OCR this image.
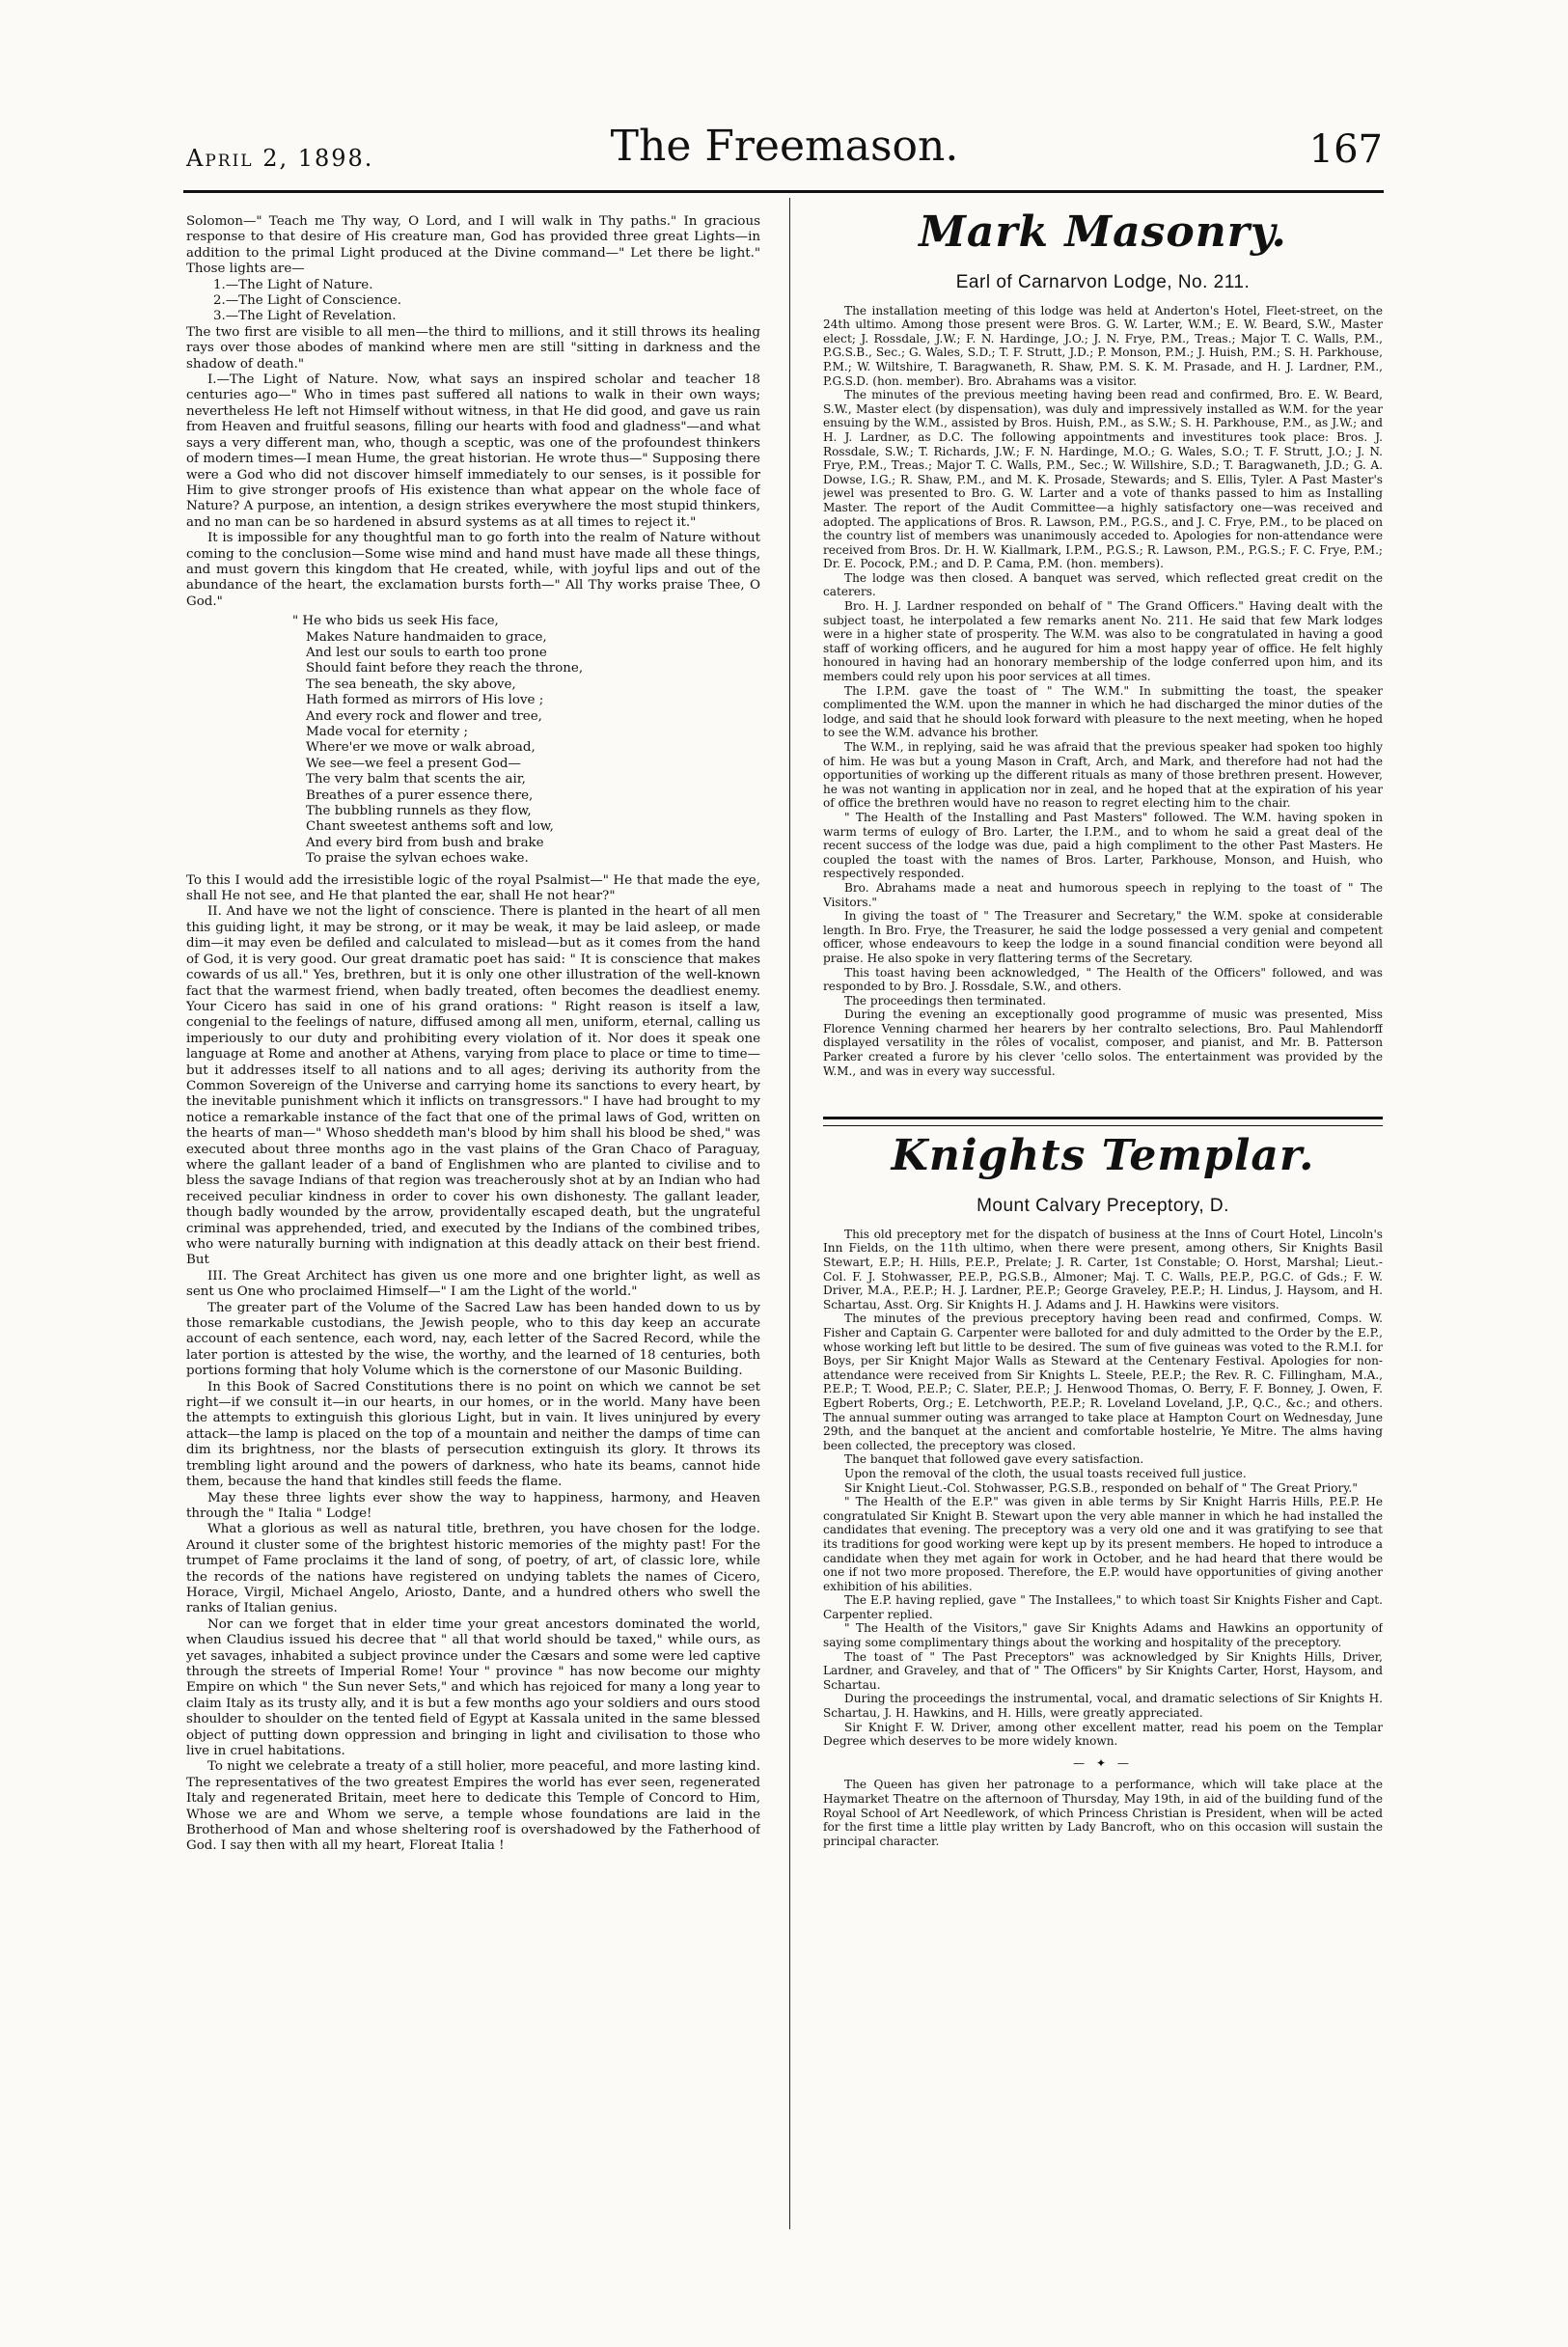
April 2, 1898.	The Freemason.	167

Solomon—" Teach me Thy way, O Lord, and I will walk in Thy paths." In gracious response to that desire of His creature man, God has provided three great Lights—in addition to the primal Light produced at the Divine command—" Let there be light." Those lights are—

1.—The Light of Nature.
2.—The Light of Conscience.
3.—The Light of Revelation.

The two first are visible to all men—the third to millions, and it still throws its healing rays over those abodes of mankind where men are still "sitting in darkness and the shadow of death."

I.—The Light of Nature. Now, what says an inspired scholar and teacher 18 centuries ago—" Who in times past suffered all nations to walk in their own ways; nevertheless He left not Himself without witness, in that He did good, and gave us rain from Heaven and fruitful seasons, filling our hearts with food and gladness"—and what says a very different man, who, though a sceptic, was one of the profoundest thinkers of modern times—I mean Hume, the great historian. He wrote thus—" Supposing there were a God who did not discover himself immediately to our senses, is it possible for Him to give stronger proofs of His existence than what appear on the whole face of Nature? A purpose, an intention, a design strikes everywhere the most stupid thinkers, and no man can be so hardened in absurd systems as at all times to reject it."

It is impossible for any thoughtful man to go forth into the realm of Nature without coming to the conclusion—Some wise mind and hand must have made all these things, and must govern this kingdom that He created, while, with joyful lips and out of the abundance of the heart, the exclamation bursts forth—" All Thy works praise Thee, O God."

" He who bids us seek His face,
Makes Nature handmaiden to grace,
And lest our souls to earth too prone
Should faint before they reach the throne,
The sea beneath, the sky above,
Hath formed as mirrors of His love ;
And every rock and flower and tree,
Made vocal for eternity ;
Where'er we move or walk abroad,
We see—we feel a present God—
The very balm that scents the air,
Breathes of a purer essence there,
The bubbling runnels as they flow,
Chant sweetest anthems soft and low,
And every bird from bush and brake
To praise the sylvan echoes wake.

To this I would add the irresistible logic of the royal Psalmist—" He that made the eye, shall He not see, and He that planted the ear, shall He not hear?"

II. And have we not the light of conscience. There is planted in the heart of all men this guiding light, it may be strong, or it may be weak, it may be laid asleep, or made dim—it may even be defiled and calculated to mislead—but as it comes from the hand of God, it is very good. Our great dramatic poet has said: " It is conscience that makes cowards of us all." Yes, brethren, but it is only one other illustration of the well-known fact that the warmest friend, when badly treated, often becomes the deadliest enemy. Your Cicero has said in one of his grand orations: " Right reason is itself a law, congenial to the feelings of nature, diffused among all men, uniform, eternal, calling us imperiously to our duty and prohibiting every violation of it. Nor does it speak one language at Rome and another at Athens, varying from place to place or time to time—but it addresses itself to all nations and to all ages; deriving its authority from the Common Sovereign of the Universe and carrying home its sanctions to every heart, by the inevitable punishment which it inflicts on transgressors." I have had brought to my notice a remarkable instance of the fact that one of the primal laws of God, written on the hearts of man—" Whoso sheddeth man's blood by him shall his blood be shed," was executed about three months ago in the vast plains of the Gran Chaco of Paraguay, where the gallant leader of a band of Englishmen who are planted to civilise and to bless the savage Indians of that region was treacherously shot at by an Indian who had received peculiar kindness in order to cover his own dishonesty. The gallant leader, though badly wounded by the arrow, providentally escaped death, but the ungrateful criminal was apprehended, tried, and executed by the Indians of the combined tribes, who were naturally burning with indignation at this deadly attack on their best friend. But

III. The Great Architect has given us one more and one brighter light, as well as sent us One who proclaimed Himself—" I am the Light of the world."

The greater part of the Volume of the Sacred Law has been handed down to us by those remarkable custodians, the Jewish people, who to this day keep an accurate account of each sentence, each word, nay, each letter of the Sacred Record, while the later portion is attested by the wise, the worthy, and the learned of 18 centuries, both portions forming that holy Volume which is the cornerstone of our Masonic Building.

In this Book of Sacred Constitutions there is no point on which we cannot be set right—if we consult it—in our hearts, in our homes, or in the world. Many have been the attempts to extinguish this glorious Light, but in vain. It lives uninjured by every attack—the lamp is placed on the top of a mountain and neither the damps of time can dim its brightness, nor the blasts of persecution extinguish its glory. It throws its trembling light around and the powers of darkness, who hate its beams, cannot hide them, because the hand that kindles still feeds the flame.

May these three lights ever show the way to happiness, harmony, and Heaven through the " Italia " Lodge!

What a glorious as well as natural title, brethren, you have chosen for the lodge. Around it cluster some of the brightest historic memories of the mighty past! For the trumpet of Fame proclaims it the land of song, of poetry, of art, of classic lore, while the records of the nations have registered on undying tablets the names of Cicero, Horace, Virgil, Michael Angelo, Ariosto, Dante, and a hundred others who swell the ranks of Italian genius.

Nor can we forget that in elder time your great ancestors dominated the world, when Claudius issued his decree that " all that world should be taxed," while ours, as yet savages, inhabited a subject province under the Cæsars and some were led captive through the streets of Imperial Rome! Your " province " has now become our mighty Empire on which " the Sun never Sets," and which has rejoiced for many a long year to claim Italy as its trusty ally, and it is but a few months ago your soldiers and ours stood shoulder to shoulder on the tented field of Egypt at Kassala united in the same blessed object of putting down oppression and bringing in light and civilisation to those who live in cruel habitations.

To night we celebrate a treaty of a still holier, more peaceful, and more lasting kind. The representatives of the two greatest Empires the world has ever seen, regenerated Italy and regenerated Britain, meet here to dedicate this Temple of Concord to Him, Whose we are and Whom we serve, a temple whose foundations are laid in the Brotherhood of Man and whose sheltering roof is overshadowed by the Fatherhood of God. I say then with all my heart, Floreat Italia !

Mark Masonry.
Earl of Carnarvon Lodge, No. 211.

The installation meeting of this lodge was held at Anderton's Hotel, Fleet-street, on the 24th ultimo. Among those present were Bros. G. W. Larter, W.M.; E. W. Beard, S.W., Master elect; J. Rossdale, J.W.; F. N. Hardinge, J.O.; J. N. Frye, P.M., Treas.; Major T. C. Walls, P.M., P.G.S.B., Sec.; G. Wales, S.D.; T. F. Strutt, J.D.; P. Monson, P.M.; J. Huish, P.M.; S. H. Parkhouse, P.M.; W. Wiltshire, T. Baragwaneth, R. Shaw, P.M. S. K. M. Prasade, and H. J. Lardner, P.M., P.G.S.D. (hon. member). Bro. Abrahams was a visitor.

The minutes of the previous meeting having been read and confirmed, Bro. E. W. Beard, S.W., Master elect (by dispensation), was duly and impressively installed as W.M. for the year ensuing by the W.M., assisted by Bros. Huish, P.M., as S.W.; S. H. Parkhouse, P.M., as J.W.; and H. J. Lardner, as D.C. The following appointments and investitures took place: Bros. J. Rossdale, S.W.; T. Richards, J.W.; F. N. Hardinge, M.O.; G. Wales, S.O.; T. F. Strutt, J.O.; J. N. Frye, P.M., Treas.; Major T. C. Walls, P.M., Sec.; W. Willshire, S.D.; T. Baragwaneth, J.D.; G. A. Dowse, I.G.; R. Shaw, P.M., and M. K. Prosade, Stewards; and S. Ellis, Tyler. A Past Master's jewel was presented to Bro. G. W. Larter and a vote of thanks passed to him as Installing Master. The report of the Audit Committee—a highly satisfactory one—was received and adopted. The applications of Bros. R. Lawson, P.M., P.G.S., and J. C. Frye, P.M., to be placed on the country list of members was unanimously acceded to. Apologies for non-attendance were received from Bros. Dr. H. W. Kiallmark, I.P.M., P.G.S.; R. Lawson, P.M., P.G.S.; F. C. Frye, P.M.; Dr. E. Pocock, P.M.; and D. P. Cama, P.M. (hon. members).

The lodge was then closed. A banquet was served, which reflected great credit on the caterers.

Bro. H. J. Lardner responded on behalf of " The Grand Officers." Having dealt with the subject toast, he interpolated a few remarks anent No. 211. He said that few Mark lodges were in a higher state of prosperity. The W.M. was also to be congratulated in having a good staff of working officers, and he augured for him a most happy year of office. He felt highly honoured in having had an honorary membership of the lodge conferred upon him, and its members could rely upon his poor services at all times.

The I.P.M. gave the toast of " The W.M." In submitting the toast, the speaker complimented the W.M. upon the manner in which he had discharged the minor duties of the lodge, and said that he should look forward with pleasure to the next meeting, when he hoped to see the W.M. advance his brother.

The W.M., in replying, said he was afraid that the previous speaker had spoken too highly of him. He was but a young Mason in Craft, Arch, and Mark, and therefore had not had the opportunities of working up the different rituals as many of those brethren present. However, he was not wanting in application nor in zeal, and he hoped that at the expiration of his year of office the brethren would have no reason to regret electing him to the chair.

" The Health of the Installing and Past Masters" followed. The W.M. having spoken in warm terms of eulogy of Bro. Larter, the I.P.M., and to whom he said a great deal of the recent success of the lodge was due, paid a high compliment to the other Past Masters. He coupled the toast with the names of Bros. Larter, Parkhouse, Monson, and Huish, who respectively responded.

Bro. Abrahams made a neat and humorous speech in replying to the toast of " The Visitors."

In giving the toast of " The Treasurer and Secretary," the W.M. spoke at considerable length. In Bro. Frye, the Treasurer, he said the lodge possessed a very genial and competent officer, whose endeavours to keep the lodge in a sound financial condition were beyond all praise. He also spoke in very flattering terms of the Secretary.

This toast having been acknowledged, " The Health of the Officers" followed, and was responded to by Bro. J. Rossdale, S.W., and others.

The proceedings then terminated.

During the evening an exceptionally good programme of music was presented, Miss Florence Venning charmed her hearers by her contralto selections, Bro. Paul Mahlendorff displayed versatility in the rôles of vocalist, composer, and pianist, and Mr. B. Patterson Parker created a furore by his clever 'cello solos. The entertainment was provided by the W.M., and was in every way successful.

Knights Templar.
Mount Calvary Preceptory, D.

This old preceptory met for the dispatch of business at the Inns of Court Hotel, Lincoln's Inn Fields, on the 11th ultimo, when there were present, among others, Sir Knights Basil Stewart, E.P.; H. Hills, P.E.P., Prelate; J. R. Carter, 1st Constable; O. Horst, Marshal; Lieut.-Col. F. J. Stohwasser, P.E.P., P.G.S.B., Almoner; Maj. T. C. Walls, P.E.P., P.G.C. of Gds.; F. W. Driver, M.A., P.E.P.; H. J. Lardner, P.E.P.; George Graveley, P.E.P.; H. Lindus, J. Haysom, and H. Schartau, Asst. Org. Sir Knights H. J. Adams and J. H. Hawkins were visitors.

The minutes of the previous preceptory having been read and confirmed, Comps. W. Fisher and Captain G. Carpenter were balloted for and duly admitted to the Order by the E.P., whose working left but little to be desired. The sum of five guineas was voted to the R.M.I. for Boys, per Sir Knight Major Walls as Steward at the Centenary Festival. Apologies for non-attendance were received from Sir Knights L. Steele, P.E.P.; the Rev. R. C. Fillingham, M.A., P.E.P.; T. Wood, P.E.P.; C. Slater, P.E.P.; J. Henwood Thomas, O. Berry, F. F. Bonney, J. Owen, F. Egbert Roberts, Org.; E. Letchworth, P.E.P.; R. Loveland Loveland, J.P., Q.C., &c.; and others. The annual summer outing was arranged to take place at Hampton Court on Wednesday, June 29th, and the banquet at the ancient and comfortable hostelrie, Ye Mitre. The alms having been collected, the preceptory was closed.

The banquet that followed gave every satisfaction.

Upon the removal of the cloth, the usual toasts received full justice.

Sir Knight Lieut.-Col. Stohwasser, P.G.S.B., responded on behalf of " The Great Priory."

" The Health of the E.P." was given in able terms by Sir Knight Harris Hills, P.E.P. He congratulated Sir Knight B. Stewart upon the very able manner in which he had installed the candidates that evening. The preceptory was a very old one and it was gratifying to see that its traditions for good working were kept up by its present members. He hoped to introduce a candidate when they met again for work in October, and he had heard that there would be one if not two more proposed. Therefore, the E.P. would have opportunities of giving another exhibition of his abilities.

The E.P. having replied, gave " The Installees," to which toast Sir Knights Fisher and Capt. Carpenter replied.

" The Health of the Visitors," gave Sir Knights Adams and Hawkins an opportunity of saying some complimentary things about the working and hospitality of the preceptory.

The toast of " The Past Preceptors" was acknowledged by Sir Knights Hills, Driver, Lardner, and Graveley, and that of " The Officers" by Sir Knights Carter, Horst, Haysom, and Schartau.

During the proceedings the instrumental, vocal, and dramatic selections of Sir Knights H. Schartau, J. H. Hawkins, and H. Hills, were greatly appreciated.

Sir Knight F. W. Driver, among other excellent matter, read his poem on the Templar Degree which deserves to be more widely known.

— ✦ —

The Queen has given her patronage to a performance, which will take place at the Haymarket Theatre on the afternoon of Thursday, May 19th, in aid of the building fund of the Royal School of Art Needlework, of which Princess Christian is President, when will be acted for the first time a little play written by Lady Bancroft, who on this occasion will sustain the principal character.
